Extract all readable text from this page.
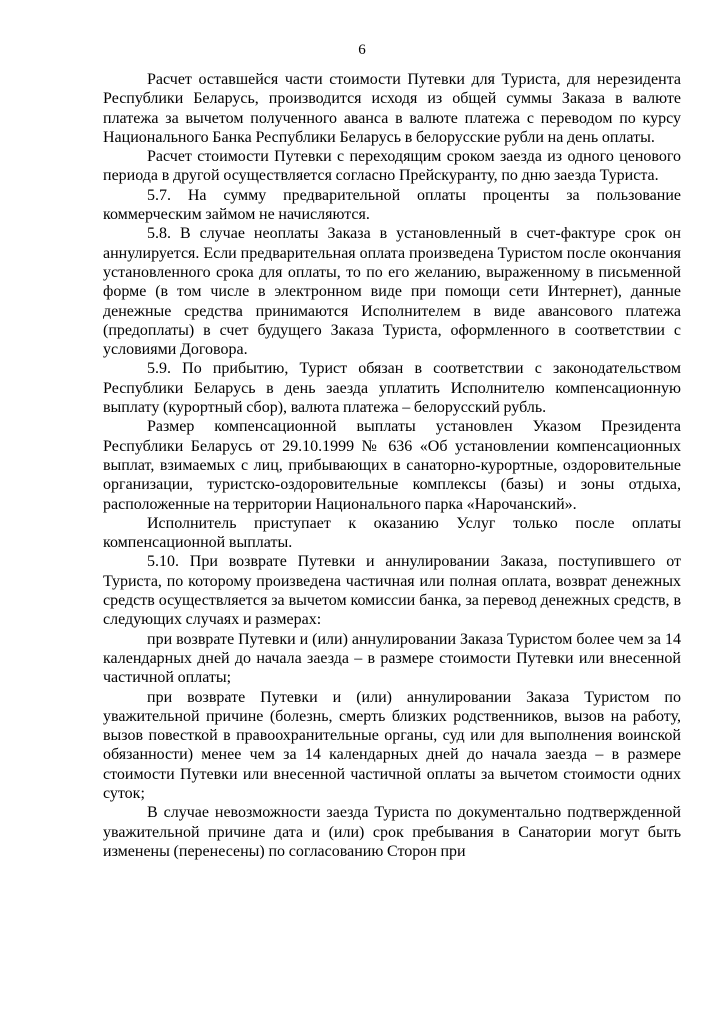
6

Расчет оставшейся части стоимости Путевки для Туриста, для нерезидента Республики Беларусь, производится исходя из общей суммы Заказа в валюте платежа за вычетом полученного аванса в валюте платежа с переводом по курсу Национального Банка Республики Беларусь в белорусские рубли на день оплаты.

Расчет стоимости Путевки с переходящим сроком заезда из одного ценового периода в другой осуществляется согласно Прейскуранту, по дню заезда Туриста.

5.7. На сумму предварительной оплаты проценты за пользование коммерческим займом не начисляются.

5.8. В случае неоплаты Заказа в установленный в счет-фактуре срок он аннулируется. Если предварительная оплата произведена Туристом после окончания установленного срока для оплаты, то по его желанию, выраженному в письменной форме (в том числе в электронном виде при помощи сети Интернет), данные денежные средства принимаются Исполнителем в виде авансового платежа (предоплаты) в счет будущего Заказа Туриста, оформленного в соответствии с условиями Договора.

5.9. По прибытию, Турист обязан в соответствии с законодательством Республики Беларусь в день заезда уплатить Исполнителю компенсационную выплату (курортный сбор), валюта платежа – белорусский рубль.

Размер компенсационной выплаты установлен Указом Президента Республики Беларусь от 29.10.1999 № 636 «Об установлении компенсационных выплат, взимаемых с лиц, прибывающих в санаторно-курортные, оздоровительные организации, туристско-оздоровительные комплексы (базы) и зоны отдыха, расположенные на территории Национального парка «Нарочанский».

Исполнитель приступает к оказанию Услуг только после оплаты компенсационной выплаты.

5.10. При возврате Путевки и аннулировании Заказа, поступившего от Туриста, по которому произведена частичная или полная оплата, возврат денежных средств осуществляется за вычетом комиссии банка, за перевод денежных средств, в следующих случаях и размерах:

при возврате Путевки и (или) аннулировании Заказа Туристом более чем за 14 календарных дней до начала заезда – в размере стоимости Путевки или внесенной частичной оплаты;

при возврате Путевки и (или) аннулировании Заказа Туристом по уважительной причине (болезнь, смерть близких родственников, вызов на работу, вызов повесткой в правоохранительные органы, суд или для выполнения воинской обязанности) менее чем за 14 календарных дней до начала заезда – в размере стоимости Путевки или внесенной частичной оплаты за вычетом стоимости одних суток;

В случае невозможности заезда Туриста по документально подтвержденной уважительной причине дата и (или) срок пребывания в Санатории могут быть изменены (перенесены) по согласованию Сторон при
